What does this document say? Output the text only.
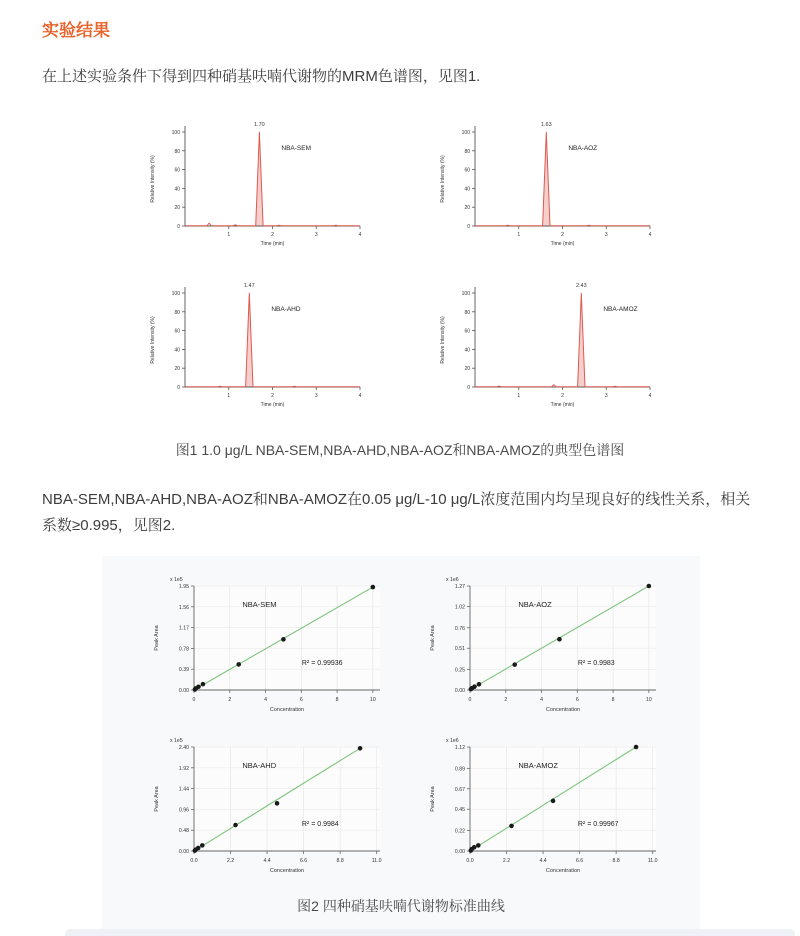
实验结果

在上述实验条件下得到四种硝基呋喃代谢物的MRM色谱图，见图1.

0
20
40
60
80
100
1	2	3	4
Relative Intensity (%)
Time (min)
1.70
NBA-SEM
0
20
40
60
80
100
1	2	3	4
Relative Intensity (%)
Time (min)
1.63
NBA-AOZ
0
20
40
60
80
100
1	2	3	4
Relative Intensity (%)
Time (min)
1.47
NBA-AHD
0
20
40
60
80
100
1	2	3	4
Relative Intensity (%)
Time (min)
2.43
NBA-AMOZ
图1 1.0 μg/L NBA-SEM,NBA-AHD,NBA-AOZ和NBA-AMOZ的典型色谱图

NBA-SEM,NBA-AHD,NBA-AOZ和NBA-AMOZ在0.05 μg/L-10 μg/L浓度范围内均呈现良好的线性关系，相关系数≥0.995，见图2.

0.00
0.39
0.78
1.17
1.56
1.95
0	2	4	6	8	10
x 1e5
Peak Area
Concentration
NBA-SEM
R² = 0.99936
0.00
0.25
0.51
0.76
1.02
1.27
0	2	4	6	8	10
x 1e6
Peak Area
Concentration
NBA-AOZ
R² = 0.9983
0.00
0.48
0.96
1.44
1.92
2.40
0.0	2.2	4.4	6.6	8.8	11.0
x 1e5
Peak Area
Concentration
NBA-AHD
R² = 0.9984
0.00
0.22
0.45
0.67
0.89
1.12
0.0	2.2	4.4	6.6	8.8	11.0
x 1e6
Peak Area
Concentration
NBA-AMOZ
R² = 0.99967
图2 四种硝基呋喃代谢物标准曲线
